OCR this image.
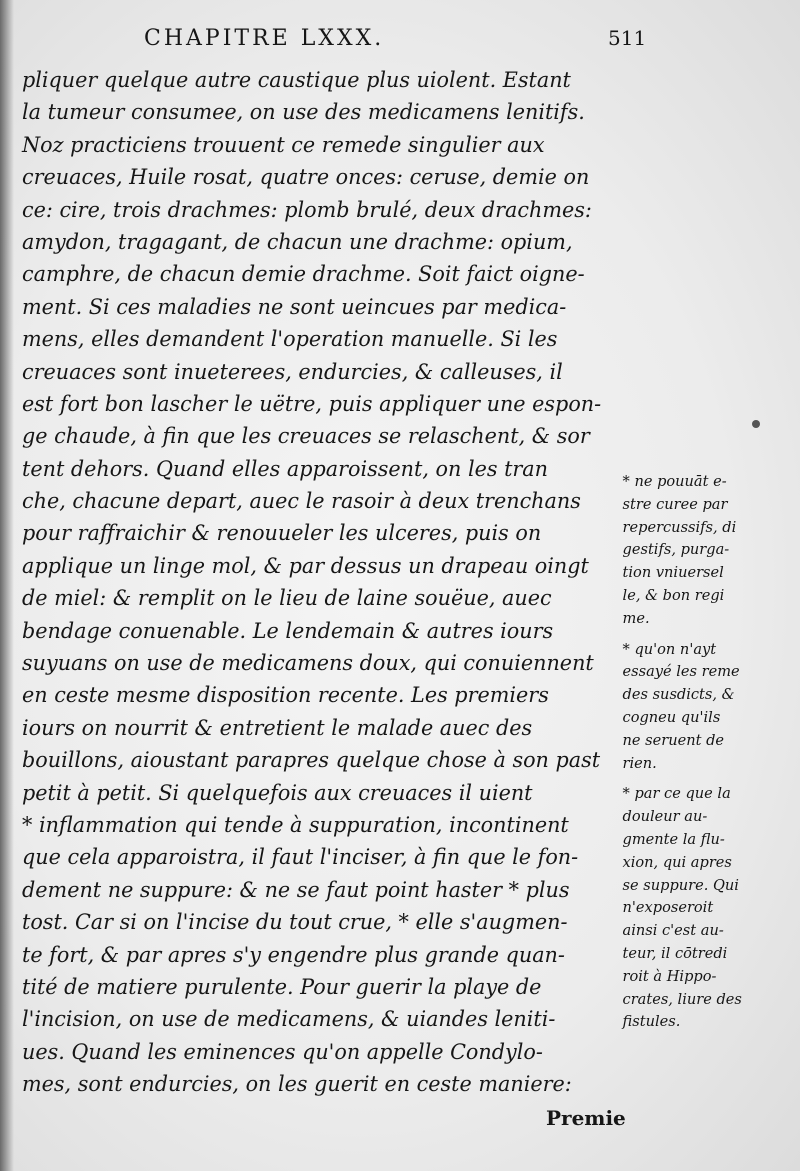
CHAPITRE LXXX.	511
pliquer quelque autre caustique plus uiolent. Estant
la tumeur consumee, on use des medicamens lenitifs.
Noz practiciens trouuent ce remede singulier aux
creuaces, Huile rosat, quatre onces: ceruse, demie on
ce: cire, trois drachmes: plomb brulé, deux drachmes:
amydon, tragagant, de chacun une drachme: opium,
camphre, de chacun demie drachme. Soit faict oigne-
ment. Si ces maladies ne sont ueincues par medica-
mens, elles demandent l'operation manuelle. Si les
creuaces sont inueterees, endurcies, & calleuses, il
est fort bon lascher le uëtre, puis appliquer une espon-
ge chaude, à fin que les creuaces se relaschent, & sor
tent dehors. Quand elles apparoissent, on les tran
che, chacune depart, auec le rasoir à deux trenchans
pour raffraichir & renouueler les ulceres, puis on
applique un linge mol, & par dessus un drapeau oingt
de miel: & remplit on le lieu de laine souëue, auec
bendage conuenable. Le lendemain & autres iours
suyuans on use de medicamens doux, qui conuiennent
en ceste mesme disposition recente. Les premiers
iours on nourrit & entretient le malade auec des
bouillons, aioustant parapres quelque chose à son past
petit à petit. Si quelquefois aux creuaces il uient
* inflammation qui tende à suppuration, incontinent
que cela apparoistra, il faut l'inciser, à fin que le fon-
dement ne suppure: & ne se faut point haster * plus
tost. Car si on l'incise du tout crue, * elle s'augmen-
te fort, & par apres s'y engendre plus grande quan-
tité de matiere purulente. Pour guerir la playe de
l'incision, on use de medicamens, & uiandes leniti-
ues. Quand les eminences qu'on appelle Condylo-
mes, sont endurcies, on les guerit en ceste maniere:
* ne pouuāt e-
stre curee par
repercussifs, di
gestifs, purga-
tion vniuersel
le, & bon regi
me.
* qu'on n'ayt
essayé les reme
des susdicts, &
cogneu qu'ils
ne seruent de
rien.
* par ce que la
douleur au-
gmente la flu-
xion, qui apres
se suppure. Qui
n'exposeroit
ainsi c'est au-
teur, il cōtredi
roit à Hippo-
crates, liure des
fistules.
Premie
